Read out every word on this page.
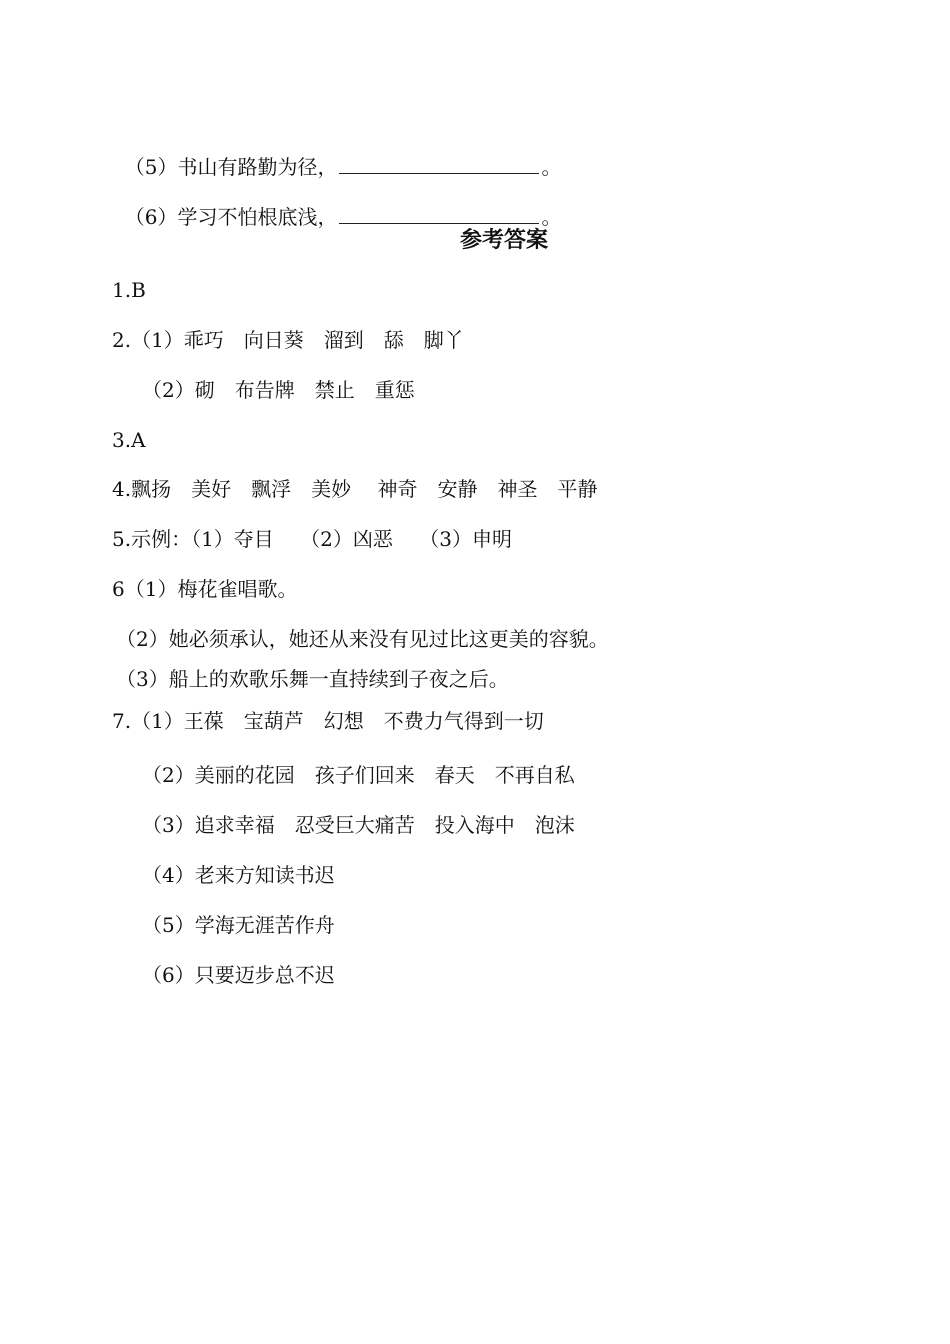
（5）书山有路勤为径，	。

（6）学习不怕根底浅，	。

参考答案
1.B
2.（1）乖巧　向日葵　溜到　舔　脚丫
（2）砌　布告牌　禁止　重惩
3.A
4.飘扬　美好　飘浮　美妙　 神奇　安静　神圣　平静
5.示例：（1）夺目　 （2）凶恶　 （3）申明
6（1）梅花雀唱歌。
（2）她必须承认，她还从来没有见过比这更美的容貌。
（3）船上的欢歌乐舞一直持续到子夜之后。
7.（1）王葆　宝葫芦　幻想　不费力气得到一切
（2）美丽的花园　孩子们回来　春天　不再自私
（3）追求幸福　忍受巨大痛苦　投入海中　泡沫
（4）老来方知读书迟
（5）学海无涯苦作舟
（6）只要迈步总不迟
